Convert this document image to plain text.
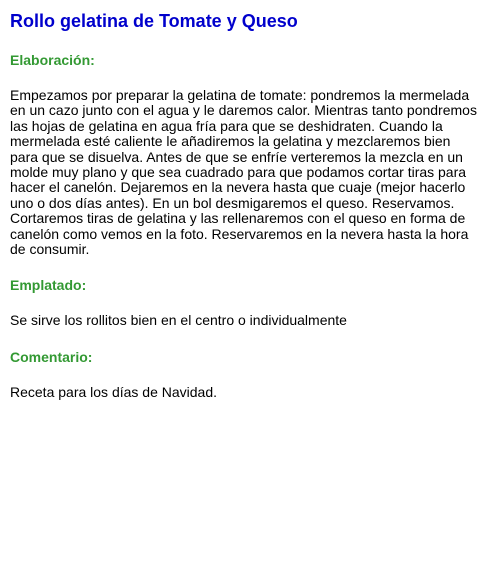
Rollo gelatina de Tomate y Queso
Elaboración:

Empezamos por preparar la gelatina de tomate: pondremos la mermelada en un cazo junto con el agua y le daremos calor. Mientras tanto pondremos las hojas de gelatina en agua fría para que se deshidraten. Cuando la mermelada esté caliente le añadiremos la gelatina y mezclaremos bien para que se disuelva. Antes de que se enfríe verteremos la mezcla en un molde muy plano y que sea cuadrado para que podamos cortar tiras para hacer el canelón. Dejaremos en la nevera hasta que cuaje (mejor hacerlo uno o dos días antes). En un bol desmigaremos el queso. Reservamos. Cortaremos tiras de gelatina y las rellenaremos con el queso en forma de canelón como vemos en la foto. Reservaremos en la nevera hasta la hora de consumir.

Emplatado:

Se sirve los rollitos bien en el centro o individualmente

Comentario:

Receta para los días de Navidad.
